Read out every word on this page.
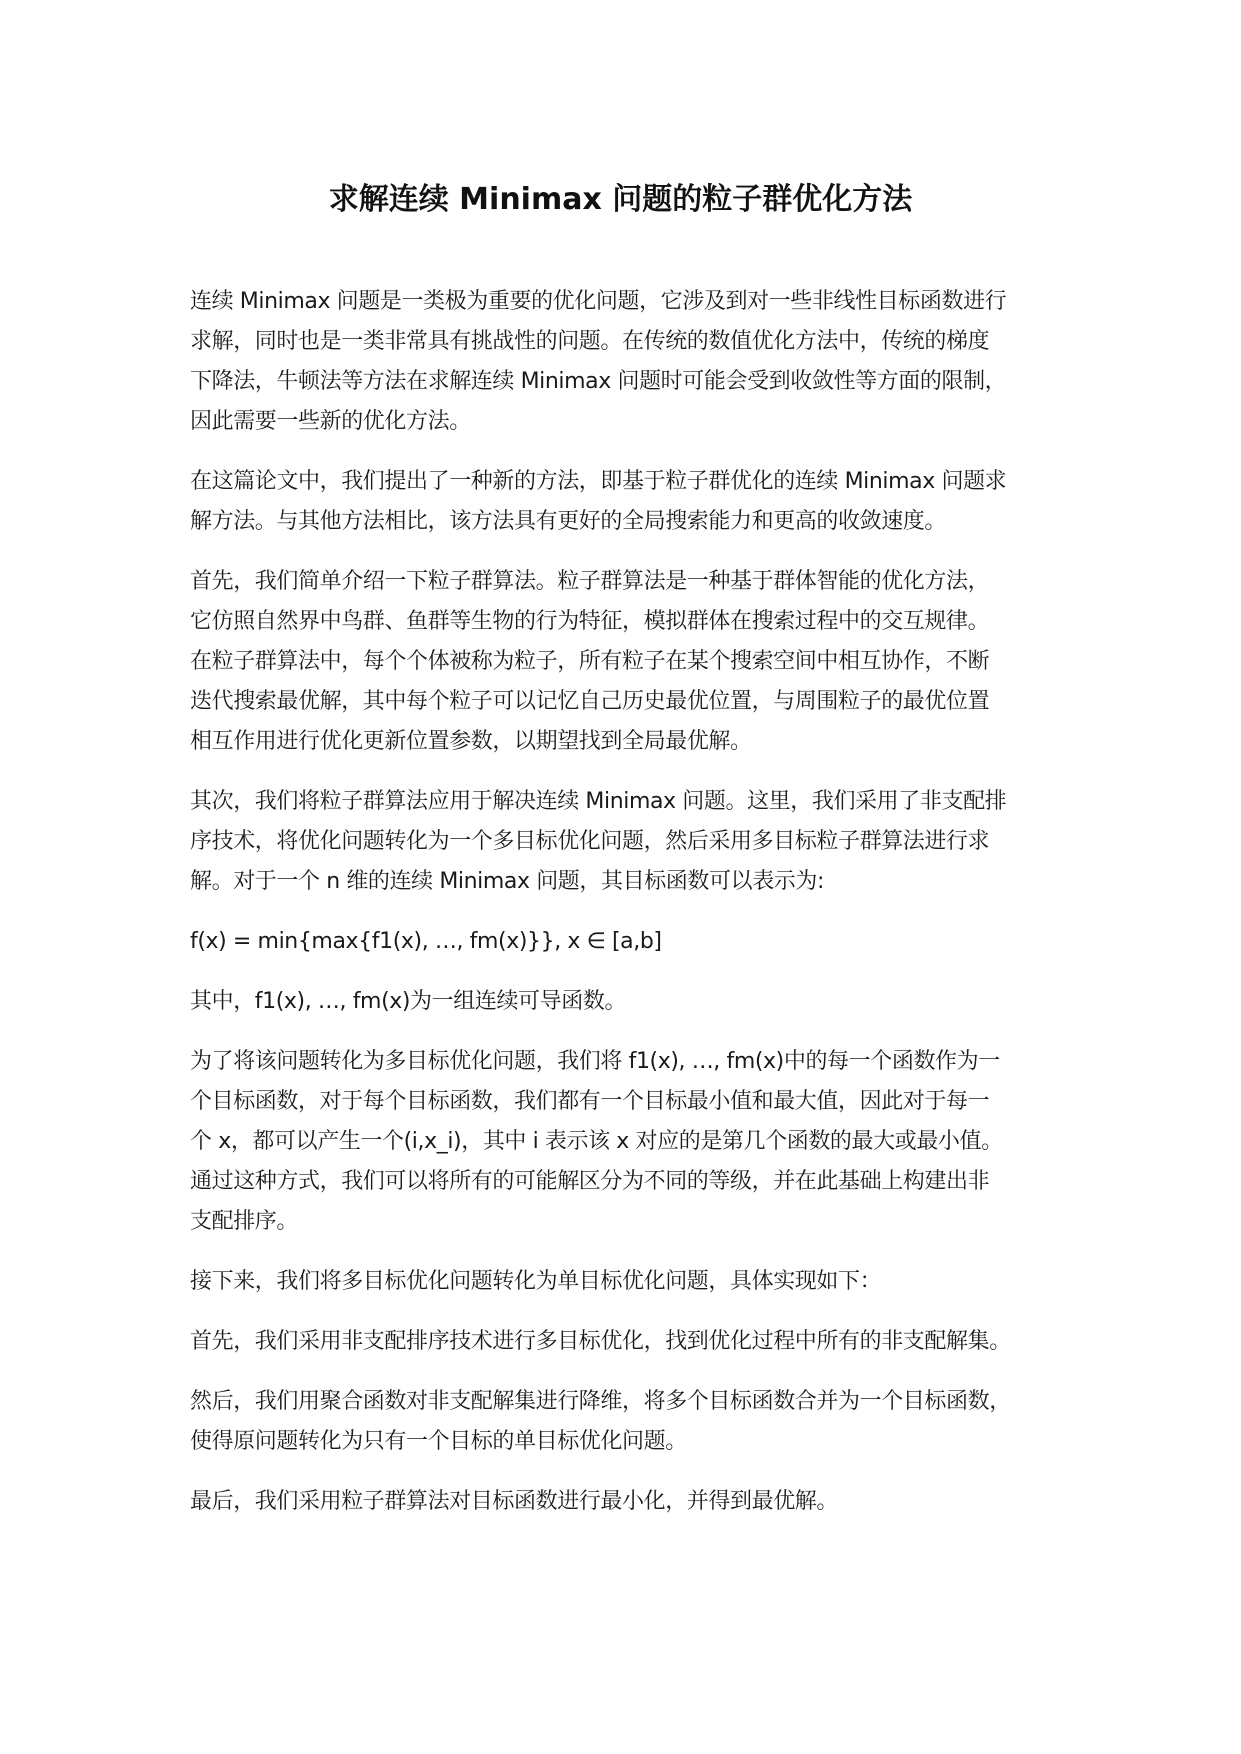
求解连续 Minimax 问题的粒子群优化方法

连续 Minimax 问题是一类极为重要的优化问题，它涉及到对一些非线性目标函数进行
求解，同时也是一类非常具有挑战性的问题。在传统的数值优化方法中，传统的梯度
下降法，牛顿法等方法在求解连续 Minimax 问题时可能会受到收敛性等方面的限制，
因此需要一些新的优化方法。

在这篇论文中，我们提出了一种新的方法，即基于粒子群优化的连续 Minimax 问题求
解方法。与其他方法相比，该方法具有更好的全局搜索能力和更高的收敛速度。

首先，我们简单介绍一下粒子群算法。粒子群算法是一种基于群体智能的优化方法，
它仿照自然界中鸟群、鱼群等生物的行为特征，模拟群体在搜索过程中的交互规律。
在粒子群算法中，每个个体被称为粒子，所有粒子在某个搜索空间中相互协作，不断
迭代搜索最优解，其中每个粒子可以记忆自己历史最优位置，与周围粒子的最优位置
相互作用进行优化更新位置参数，以期望找到全局最优解。

其次，我们将粒子群算法应用于解决连续 Minimax 问题。这里，我们采用了非支配排
序技术，将优化问题转化为一个多目标优化问题，然后采用多目标粒子群算法进行求
解。对于一个 n 维的连续 Minimax 问题，其目标函数可以表示为:

f(x) = min{max{f1(x), …, fm(x)}}, x ∈ [a,b]

其中，f1(x), …, fm(x)为一组连续可导函数。

为了将该问题转化为多目标优化问题，我们将 f1(x), …, fm(x)中的每一个函数作为一
个目标函数，对于每个目标函数，我们都有一个目标最小值和最大值，因此对于每一
个 x，都可以产生一个(i,x_i)，其中 i 表示该 x 对应的是第几个函数的最大或最小值。
通过这种方式，我们可以将所有的可能解区分为不同的等级，并在此基础上构建出非
支配排序。

接下来，我们将多目标优化问题转化为单目标优化问题，具体实现如下：

首先，我们采用非支配排序技术进行多目标优化，找到优化过程中所有的非支配解集。

然后，我们用聚合函数对非支配解集进行降维，将多个目标函数合并为一个目标函数，
使得原问题转化为只有一个目标的单目标优化问题。

最后，我们采用粒子群算法对目标函数进行最小化，并得到最优解。
